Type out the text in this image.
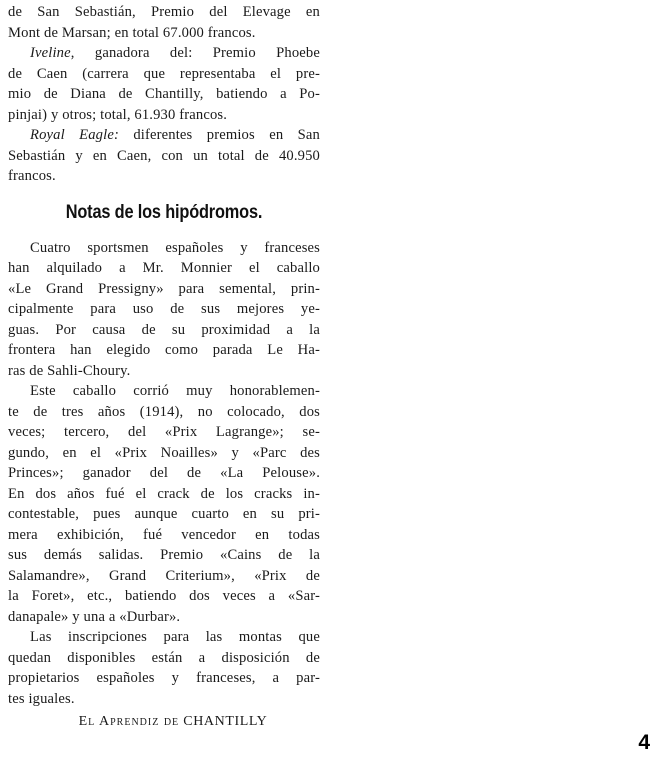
de San Sebastián, Premio del Elevage en
Mont de Marsan; en total 67.000 francos.
Iveline, ganadora del: Premio Phoebe
de Caen (carrera que representaba el pre-
mio de Diana de Chantilly, batiendo a Po-
pinjai) y otros; total, 61.930 francos.
Royal Eagle: diferentes premios en San
Sebastián y en Caen, con un total de 40.950
francos.
Notas de los hipódromos.
Cuatro sportsmen españoles y franceses
han alquilado a Mr. Monnier el caballo
«Le Grand Pressigny» para semental, prin-
cipalmente para uso de sus mejores ye-
guas. Por causa de su proximidad a la
frontera han elegido como parada Le Ha-
ras de Sahli-Choury.
Este caballo corrió muy honorablemen-
te de tres años (1914), no colocado, dos
veces; tercero, del «Prix Lagrange»; se-
gundo, en el «Prix Noailles» y «Parc des
Princes»; ganador del de «La Pelouse».
En dos años fué el crack de los cracks in-
contestable, pues aunque cuarto en su pri-
mera exhibición, fué vencedor en todas
sus demás salidas. Premio «Cains de la
Salamandre», Grand Criterium», «Prix de
la Foret», etc., batiendo dos veces a «Sar-
danapale» y una a «Durbar».
Las inscripciones para las montas que
quedan disponibles están a disposición de
propietarios españoles y franceses, a par-
tes iguales.
El Aprendiz de CHANTILLY
4
